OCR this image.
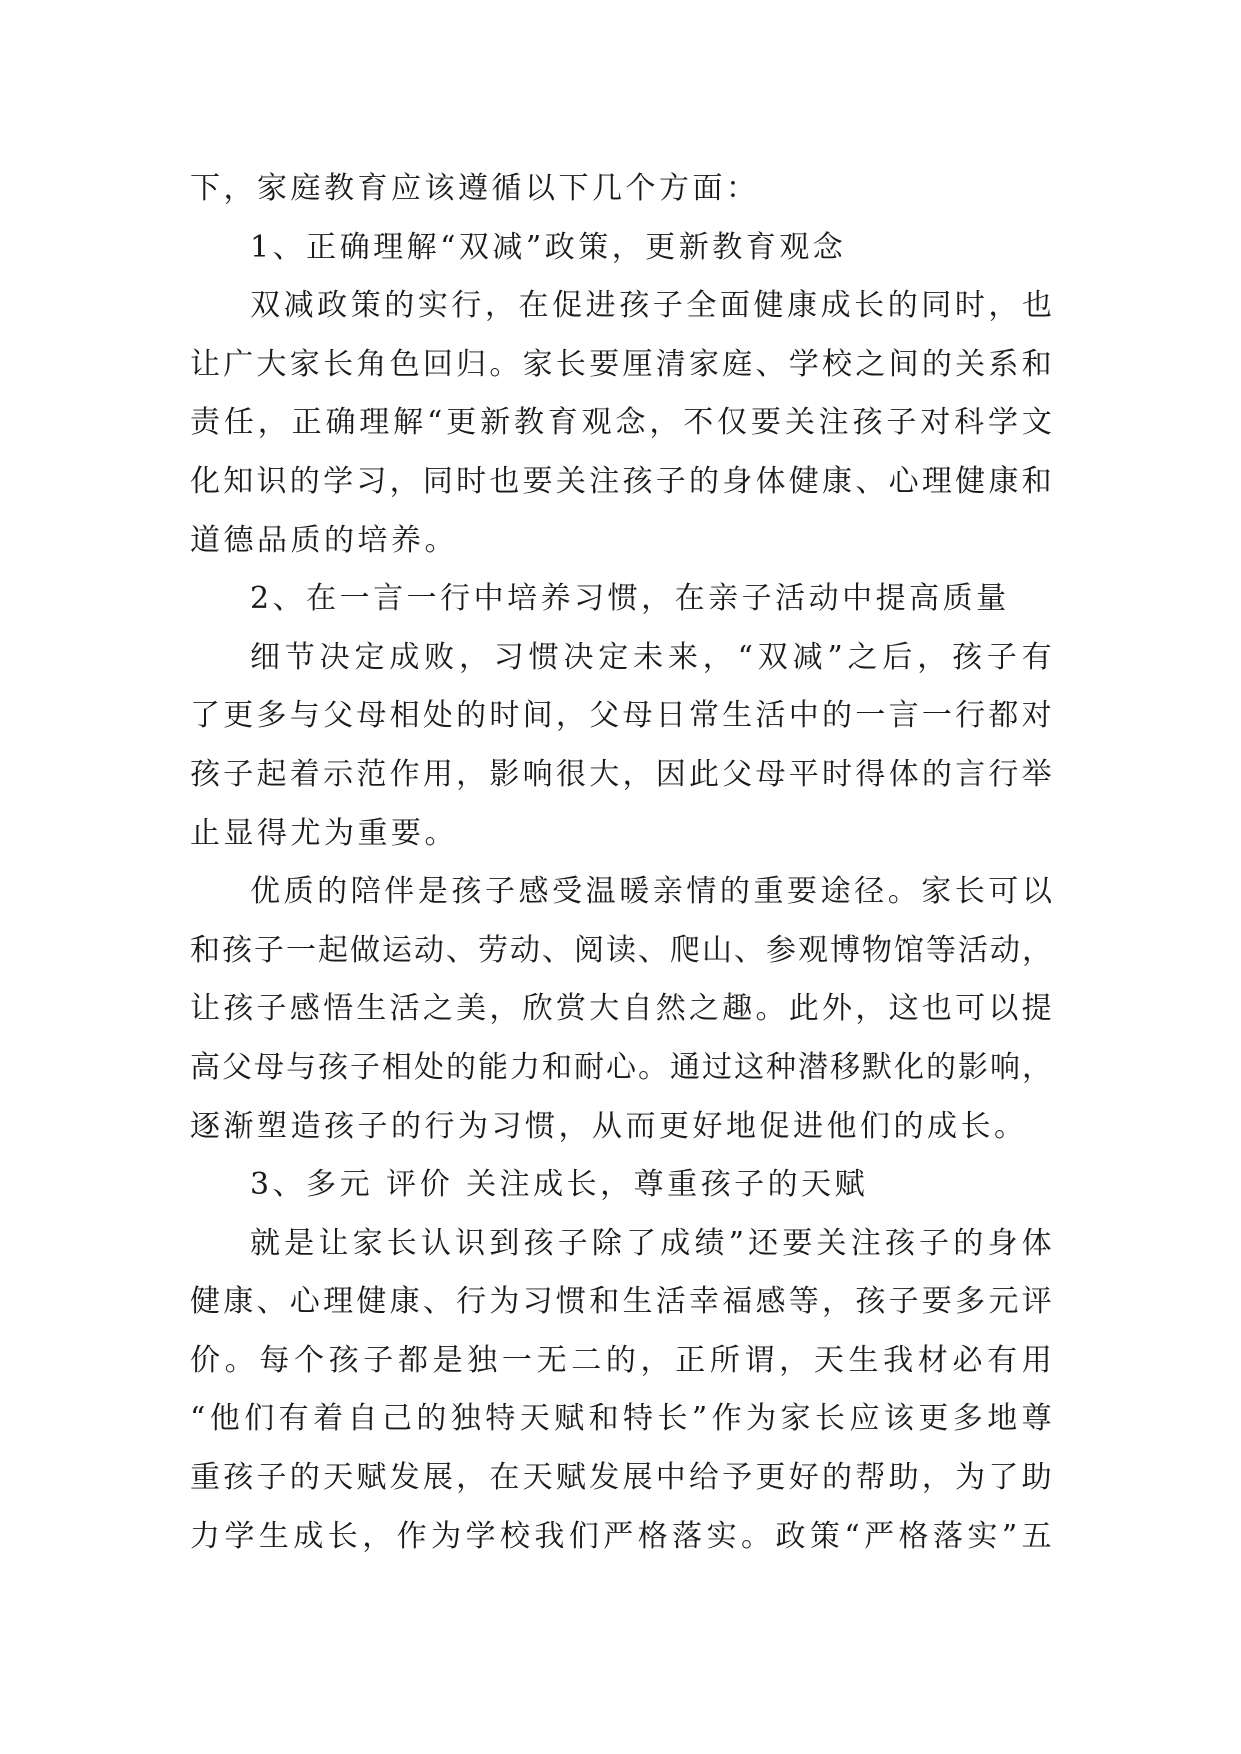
下，家庭教育应该遵循以下几个方面：
1、正确理解“双减”政策，更新教育观念
双 减 政 策 的 实 行 ， 在 促 进 孩 子 全 面 健 康 成 长 的 同 时 ， 也
让 广 大 家 长 角 色 回 归 。 家 长 要 厘 清 家 庭 、 学 校 之 间 的 关 系 和
责 任 ， 正 确 理 解 “ 更 新 教 育 观 念 ， 不 仅 要 关 注 孩 子 对 科 学 文
化 知 识 的 学 习 ， 同 时 也 要 关 注 孩 子 的 身 体 健 康 、 心 理 健 康 和
道德品质的培养。
2、在一言一行中培养习惯，在亲子活动中提高质量
细 节 决 定 成 败 ， 习 惯 决 定 未 来 ， “ 双 减 ” 之 后 ， 孩 子 有
了 更 多 与 父 母 相 处 的 时 间 ， 父 母 日 常 生 活 中 的 一 言 一 行 都 对
孩 子 起 着 示 范 作 用 ， 影 响 很 大 ， 因 此 父 母 平 时 得 体 的 言 行 举
止显得尤为重要。
优 质 的 陪 伴 是 孩 子 感 受 温 暖 亲 情 的 重 要 途 径 。 家 长 可 以
和 孩 子 一 起 做 运 动 、 劳 动 、 阅 读 、 爬 山 、 参 观 博 物 馆 等 活 动 ，
让 孩 子 感 悟 生 活 之 美 ， 欣 赏 大 自 然 之 趣 。 此 外 ， 这 也 可 以 提
高 父 母 与 孩 子 相 处 的 能 力 和 耐 心 。 通 过 这 种 潜 移 默 化 的 影 响 ，
逐渐塑造孩子的行为习惯，从而更好地促进他们的成长。
3、多元 评价 关注成长，尊重孩子的天赋
就 是 让 家 长 认 识 到 孩 子 除 了 成 绩 ” 还 要 关 注 孩 子 的 身 体
健 康 、 心 理 健 康 、 行 为 习 惯 和 生 活 幸 福 感 等 ， 孩 子 要 多 元 评
价 。 每 个 孩 子 都 是 独 一 无 二 的 ， 正 所 谓 ， 天 生 我 材 必 有 用
“ 他 们 有 着 自 己 的 独 特 天 赋 和 特 长 ” 作 为 家 长 应 该 更 多 地 尊
重 孩 子 的 天 赋 发 展 ， 在 天 赋 发 展 中 给 予 更 好 的 帮 助 ， 为 了 助
力 学 生 成 长 ， 作 为 学 校 我 们 严 格 落 实 。 政 策 “ 严 格 落 实 ” 五
